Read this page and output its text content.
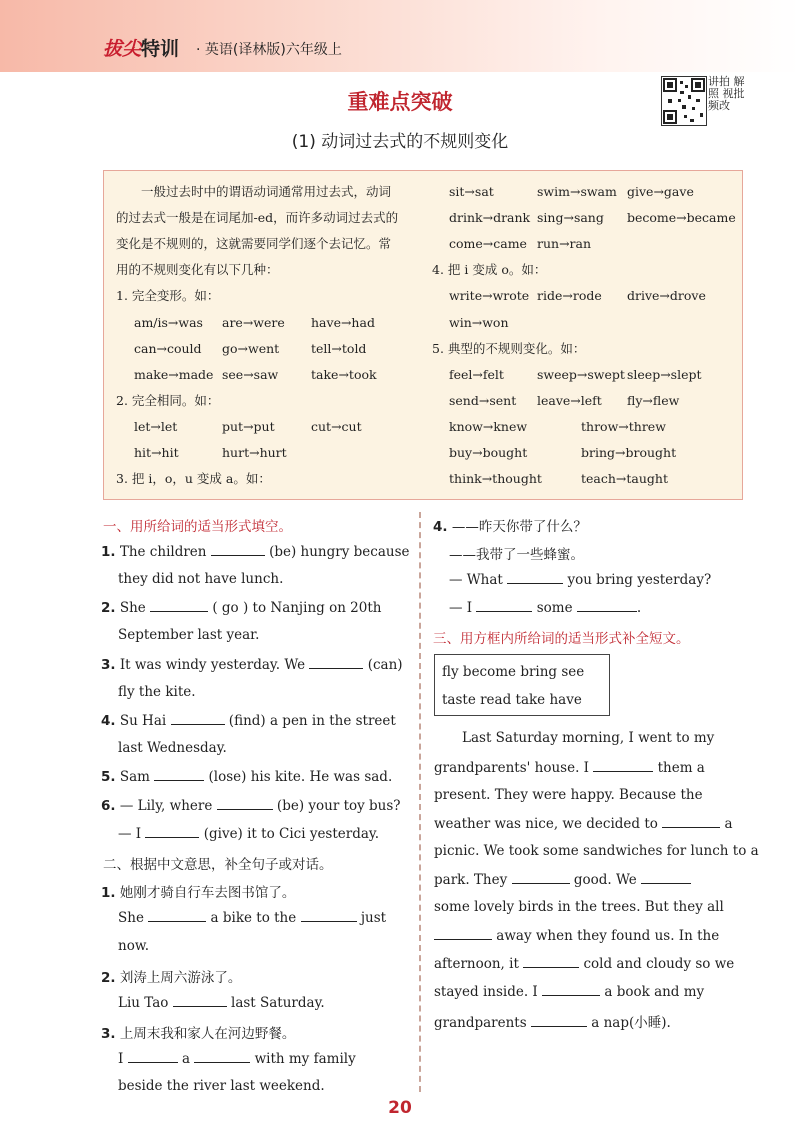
拔尖特训 · 英语(译林版)六年级上
重难点突破
(1) 动词过去式的不规则变化
讲拍 解照 视批 频改
一般过去时中的谓语动词通常用过去式，动词
的过去式一般是在词尾加-ed，而许多动词过去式的
变化是不规则的，这就需要同学们逐个去记忆。常
用的不规则变化有以下几种：
1. 完全变形。如：
am/is→was are→were have→had
can→could go→went	tell→told
make→made see→saw	take→took
2. 完全相同。如：
let→let	put→put	cut→cut
hit→hit	hurt→hurt
3. 把 i，o，u 变成 a。如：
sit→sat	swim→swam give→gave
drink→drank sing→sang become→became
come→came run→ran
4. 把 i 变成 o。如：
write→wrote ride→rode drive→drove
win→won
5. 典型的不规则变化。如：
feel→felt	sweep→swept sleep→slept
send→sent leave→left fly→flew
know→knew	throw→threw
buy→bought	bring→brought
think→thought	teach→taught
一、用所给词的适当形式填空。
1. The children	(be) hungry because
they did not have lunch.
2. She	( go ) to Nanjing on 20th
September last year.
3. It was windy yesterday. We	(can)
fly the kite.
4. Su Hai	(find) a pen in the street
last Wednesday.
5. Sam	(lose) his kite. He was sad.
6. — Lily, where	(be) your toy bus?
— I	(give) it to Cici yesterday.
二、根据中文意思，补全句子或对话。
1. 她刚才骑自行车去图书馆了。
She	a bike to the	just
now.
2. 刘涛上周六游泳了。
Liu Tao	last Saturday.
3. 上周末我和家人在河边野餐。
I	a	with my family
beside the river last weekend.
4. ——昨天你带了什么？
——我带了一些蜂蜜。
— What	you bring yesterday?
— I	some	.
三、用方框内所给词的适当形式补全短文。
fly become bring see
taste read take have
Last Saturday morning, I went to my
grandparents' house. I	them a
present. They were happy. Because the
weather was nice, we decided to	a
picnic. We took some sandwiches for lunch to a
park. They	good. We
some lovely birds in the trees. But they all
away when they found us. In the
afternoon, it	cold and cloudy so we
stayed inside. I	a book and my
grandparents	a nap(小睡).
20
